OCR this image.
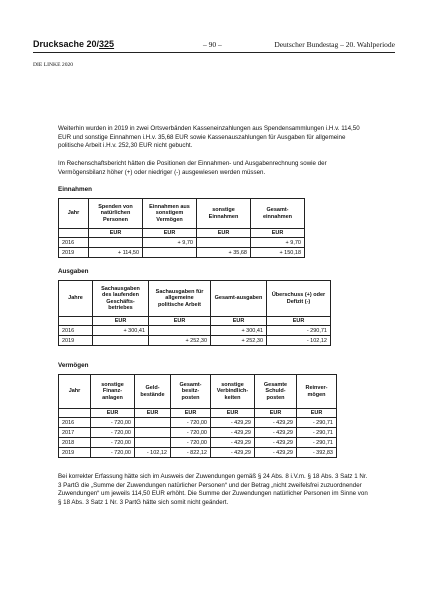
Drucksache 20/325	– 90 –	Deutscher Bundestag – 20. Wahlperiode
DIE LINKE 2020
Weiterhin wurden in 2019 in zwei Ortsverbänden Kasseneinzahlungen aus Spendensammlungen i.H.v. 114,50 EUR und sonstige Einnahmen i.H.v. 35,68 EUR sowie Kassenauszahlungen für Ausgaben für allgemeine politische Arbeit i.H.v. 252,30 EUR nicht gebucht.
Im Rechenschaftsbericht hätten die Positionen der Einnahmen- und Ausgabenrechnung sowie der Vermögensbilanz höher (+) oder niedriger (-) ausgewiesen werden müssen.
Einnahmen
Jahr	Spenden von natürlichen Personen	Einnahmen aus sonstigem Vermögen	sonstige Einnahmen	Gesamt-einnahmen
	EUR	EUR	EUR	EUR
2016		+ 9,70		+ 9,70
2019	+ 114,50		+ 35,68	+ 150,18
Ausgaben
Jahre	Sachausgaben des laufenden Geschäfts-betriebes	Sachausgaben für allgemeine politische Arbeit	Gesamt-ausgaben	Überschuss (+) oder Defizit (-)
	EUR	EUR	EUR	EUR
2016	+ 300,41		+ 300,41	- 290,71
2019		+ 252,30	+ 252,30	- 102,12
Vermögen
Jahr	sonstige Finanz-anlagen	Geld-bestände	Gesamt-besitz-posten	sonstige Verbindlich-keiten	Gesamte Schuld-posten	Reinver-mögen
	EUR	EUR	EUR	EUR	EUR	EUR
2016	- 720,00		- 720,00	- 429,29	- 429,29	- 290,71
2017	- 720,00		- 720,00	- 429,29	- 429,29	- 290,71
2018	- 720,00		- 720,00	- 429,29	- 429,29	- 290,71
2019	- 720,00	- 102,12	- 822,12	- 429,29	- 429,29	- 392,83
Bei korrekter Erfassung hätte sich im Ausweis der Zuwendungen gemäß § 24 Abs. 8 i.V.m. § 18 Abs. 3 Satz 1 Nr. 3 PartG die „Summe der Zuwendungen natürlicher Personen“ und der Betrag „nicht zweifelsfrei zuzuordnender Zuwendungen“ um jeweils 114,50 EUR erhöht. Die Summe der Zuwendungen natürlicher Personen im Sinne von § 18 Abs. 3 Satz 1 Nr. 3 PartG hätte sich somit nicht geändert.
